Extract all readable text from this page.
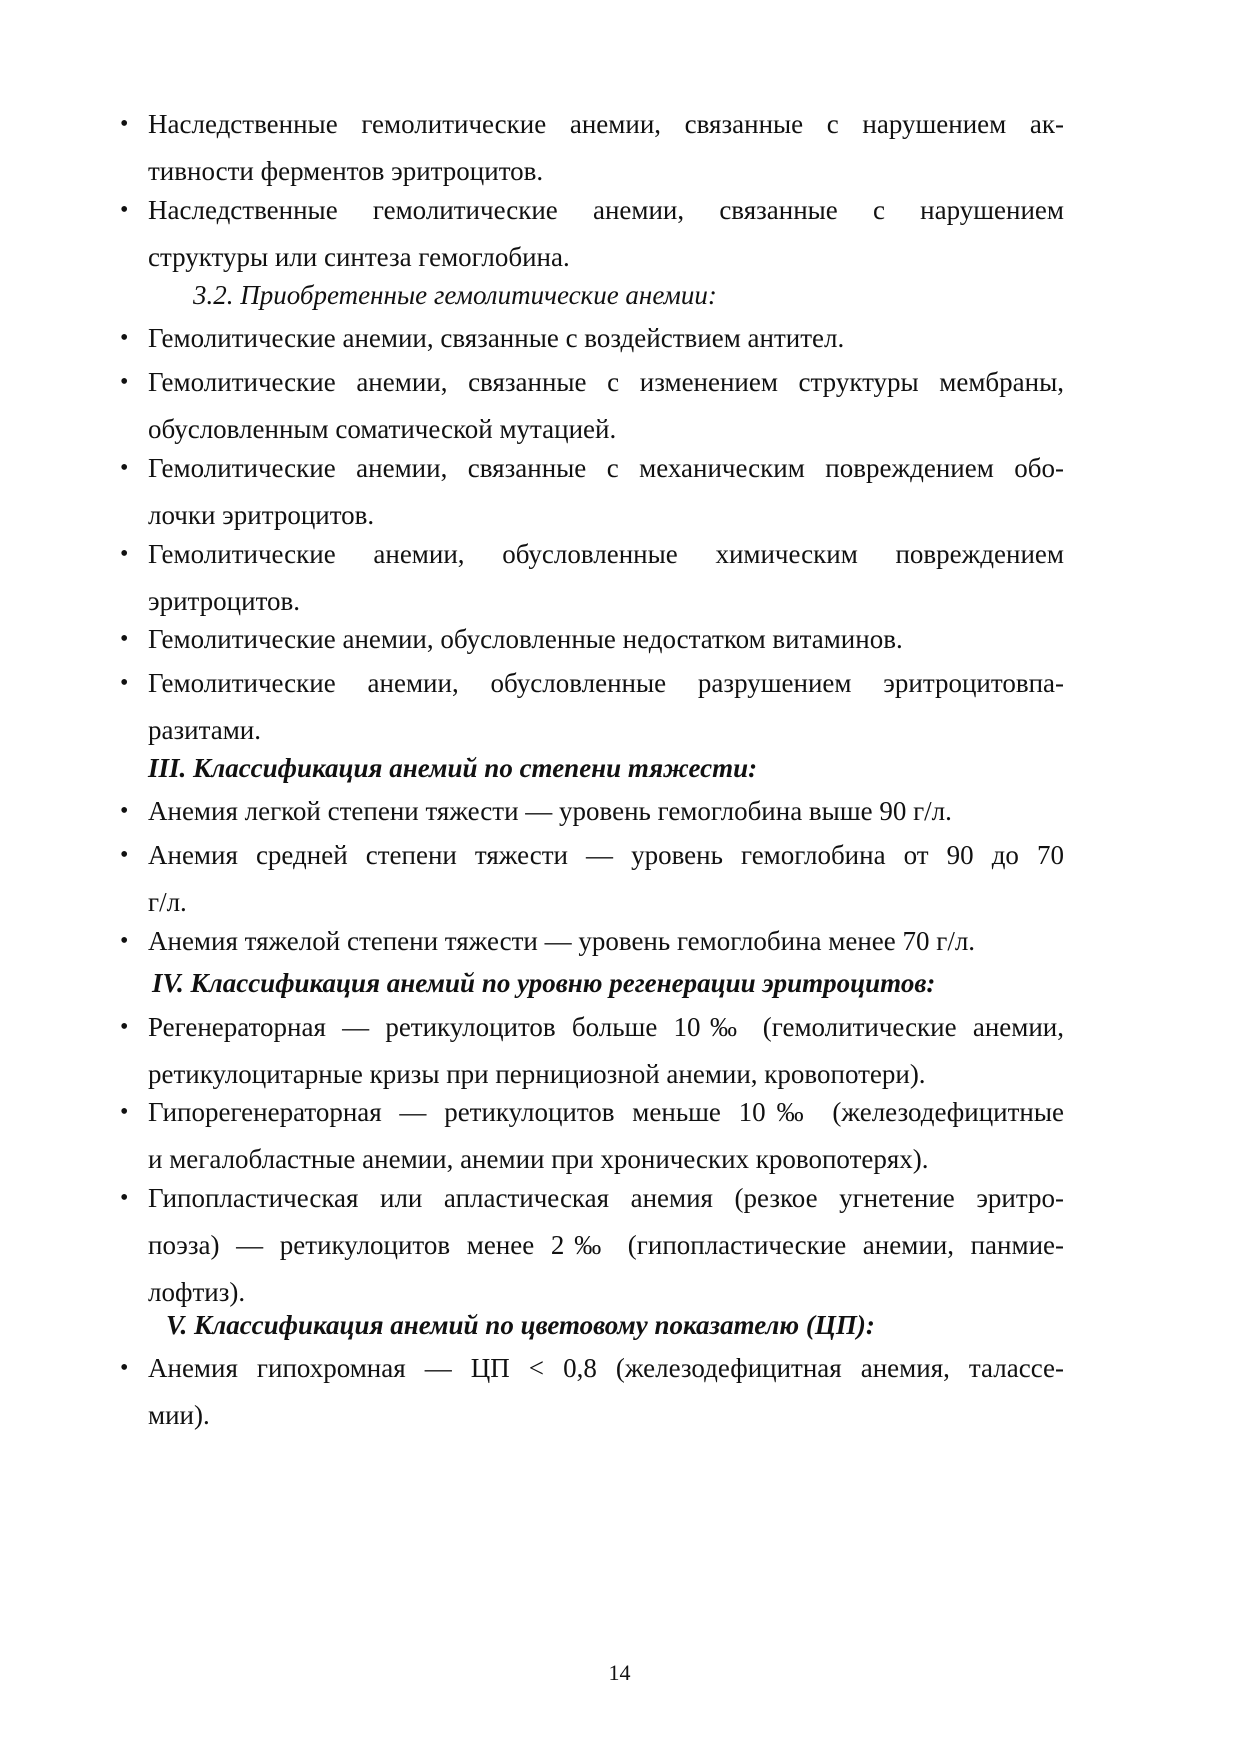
• Наследственные гемолитические анемии, связанные с нарушением ак-
тивности ферментов эритроцитов.
• Наследственные гемолитические анемии, связанные с нарушением
структуры или синтеза гемоглобина.

3.2. Приобретенные гемолитические анемии:

• Гемолитические анемии, связанные с воздействием антител.
• Гемолитические анемии, связанные с изменением структуры мембраны,
обусловленным соматической мутацией.
• Гемолитические анемии, связанные с механическим повреждением обо-
лочки эритроцитов.
• Гемолитические анемии, обусловленные химическим повреждением
эритроцитов.
• Гемолитические анемии, обусловленные недостатком витаминов.
• Гемолитические анемии, обусловленные разрушением эритроцитовпа-
разитами.

III. Классификация анемий по степени тяжести:

• Анемия легкой степени тяжести — уровень гемоглобина выше 90 г/л.
• Анемия средней степени тяжести — уровень гемоглобина от 90 до 70
г/л.
• Анемия тяжелой степени тяжести — уровень гемоглобина менее 70 г/л.

IV. Классификация анемий по уровню регенерации эритроцитов:

• Регенераторная — ретикулоцитов больше 10‰ (гемолитические анемии,
ретикулоцитарные кризы при пернициозной анемии, кровопотери).
• Гипорегенераторная — ретикулоцитов меньше 10‰ (железодефицитные
и мегалобластные анемии, анемии при хронических кровопотерях).
• Гипопластическая или апластическая анемия (резкое угнетение эритро-
поэза) — ретикулоцитов менее 2‰ (гипопластические анемии, панмие-
лофтиз).

V. Классификация анемий по цветовому показателю (ЦП):

• Анемия гипохромная — ЦП < 0,8 (железодефицитная анемия, талассе-
мии).
14
